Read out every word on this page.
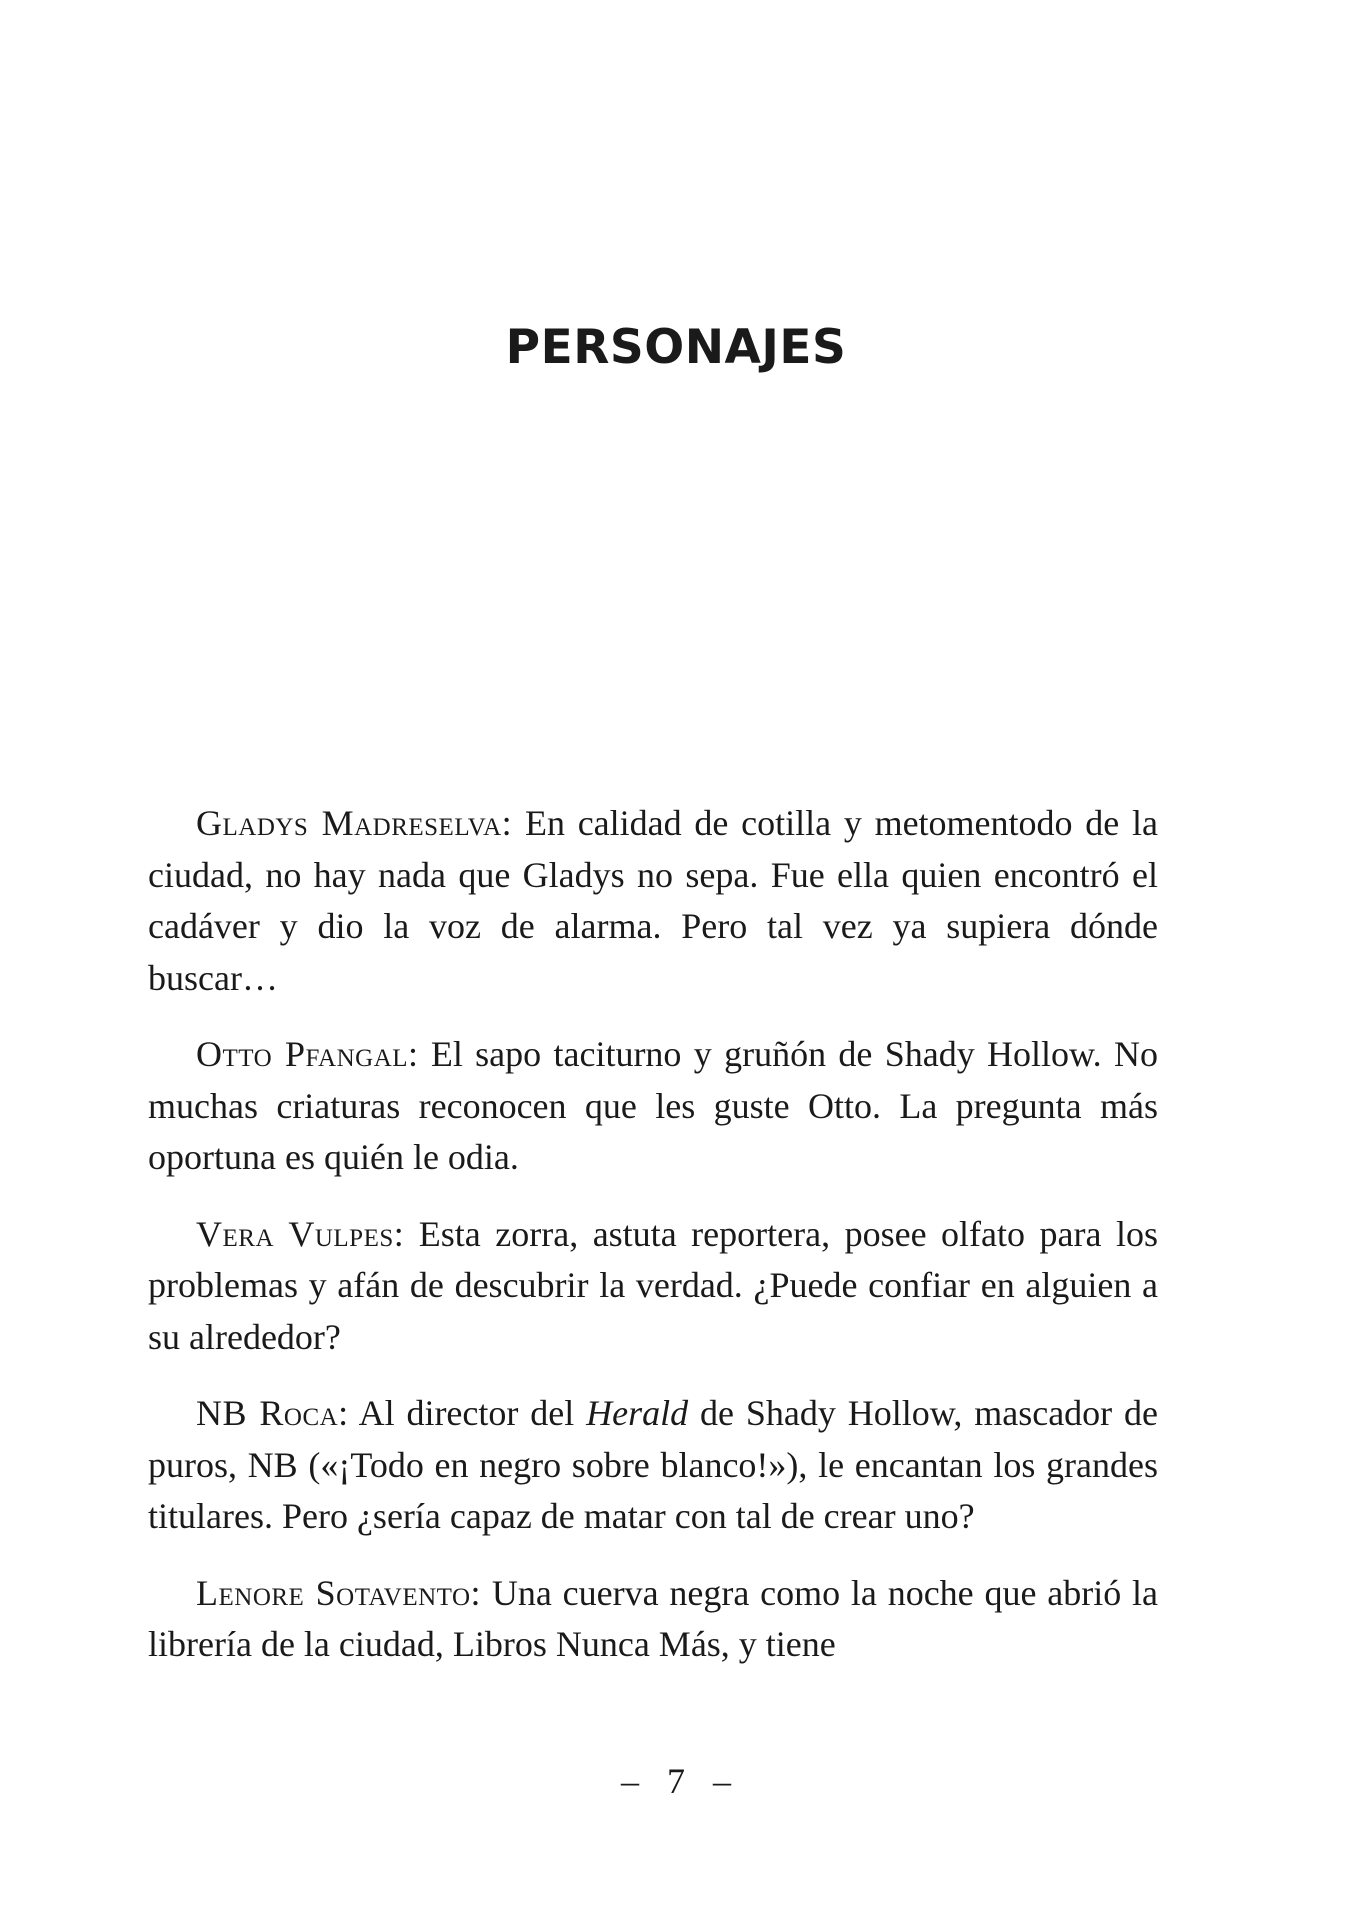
PERSONAJES

Gladys Madreselva: En calidad de cotilla y metomentodo de la ciudad, no hay nada que Gladys no sepa. Fue ella quien encontró el cadáver y dio la voz de alarma. Pero tal vez ya supiera dónde buscar…

Otto Pfangal: El sapo taciturno y gruñón de Shady Hollow. No muchas criaturas reconocen que les guste Otto. La pregunta más oportuna es quién le odia.

Vera Vulpes: Esta zorra, astuta reportera, posee olfato para los problemas y afán de descubrir la verdad. ¿Puede confiar en alguien a su alrededor?

NB Roca: Al director del Herald de Shady Hollow, mascador de puros, NB («¡Todo en negro sobre blanco!»), le encantan los grandes titulares. Pero ¿sería capaz de matar con tal de crear uno?

Lenore Sotavento: Una cuerva negra como la noche que abrió la librería de la ciudad, Libros Nunca Más, y tiene

– 7 –
